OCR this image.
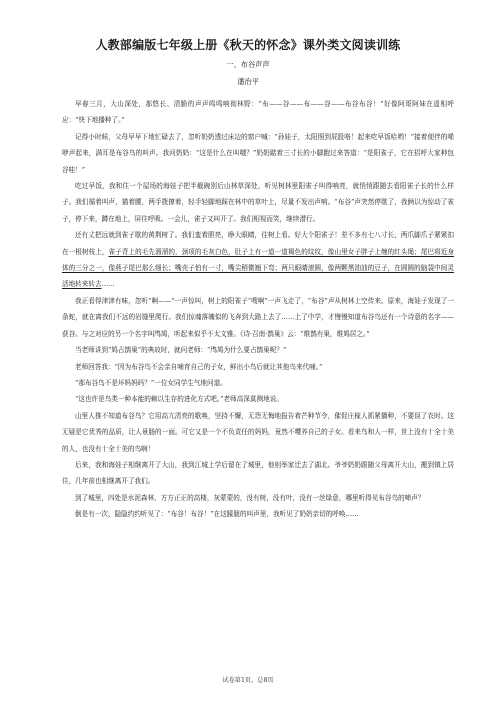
人教部编版七年级上册《秋天的怀念》课外类文阅读训练
一、布谷声声
潘治平

早春三月，大山深处，那悠长、清脆的声声鸣鸣响彻林野：“布——谷——布——谷——布谷布谷！”好像阿哥阿妹在遥相呼应：“快下地播种了。”

记得小时候，父母早早下地忙碌去了，忽听奶奶透过床边的窗户喊：“孙娃子，太阳照到屁股咯！起来吃早饭哈哟！”接着便伴的唏咿声起来，满耳是布谷鸟的叫声。我问奶奶：“这是什么在叫哦？”奶奶踮着三寸长的小脚跑过来答道：“是阳雀子，它在招呼大家种包谷哇！”

吃过早饭，我和住一个屋场的海娃子把半截碗别后山林草深处，听见树林里阳雀子叫得响亮，就悄悄跟随去看阳雀子长的什么样子。我们循着叫声，猫着腰，两手拨撩着，轻手轻脚地踩在林中的草叶上，尽量不发出声响。“布谷”声突然停歇了，我俩以为惊动了雀子，停下来，蹲在地上，屏住呼吸。一会儿，雀子又叫开了。我们相视而笑，继续潜行。

还有丈把远就到雀子歇的黄荆树了。我们蛮着胆亮，睁大眼睛，往树上看。好大个阳雀子！差不多有七八寸长，两爪脚爪子紧紧扣在一根树枝上，雀子背上的毛先溜溜的，颈项的毛灰白色，肚子上有一道一道褐色的纹纹，像山里女子胖子上缠的红头绳；尾巴将近身体的三分之一，像燕子尾巴那么细长；嘴壳子怕有一寸，嘴尖稍微翘下弯；两只眼睛滚圆，像两颗黑油油的豆子，在圆圆的脑袋中间灵活地转来转去……

我正看得津津有味，忽听“啊——”一声惊叫，树上的阳雀子“嗖啊”一声飞走了，“布谷”声从树林上空传来。原来，海娃子发现了一条蛇，就在离我们不远的岩缝里爬行。我们惊魂落魄似的飞奔到大路上去了……上了中学，才慢慢知道布谷鸟还有一个诗意的名字——获谷。与之对应的另一个名字叫鸤鸠，听起来似乎不太文雅。《诗·召南·鹊巢》云：“维鹊有巢，维鸠居之。”

当老师讲到“鸠占鹊巢”的典故时，就问老师：“鸤鸠为什么要占鹊巢呢？”

老师回答我：“因为布谷鸟不会亲自哺育自己的子女，鲜出小鸟后就让其他鸟来代哺。”

“那布谷鸟不是坏妈妈吗？”一位女同学生气地问道。

“这也许是鸟类一种本能的赖以生存的进化方式吧。”老师高深莫测地说。

山里人推不知道布谷鸟？它用高亢清亮的歌唤，坚持不懈，无怨无悔地报告着芒种节令，催促庄稼人抓紧播种，不要误了农时。这无疑是它优秀的品质，让人景肠的一面。可它又是一个不负责任的妈妈，竟然不嘤养自己的子女。看来鸟和人一样，世上没有十全十美的人，也没有十全十美的鸟啊！

后来，我和海娃子相继离开了大山，我到江城上学后留在了城里，他则举家迁去了湖北。爷爷奶奶跟随父母离开大山，搬到镇上居住，几年前也相继离开了我们。

到了城里，四处是水泥森林，方方正正的高楼，灰蒙蒙的，没有树，没有叶，没有一丝绿意，哪里听得见布谷鸟的啼声？

倒是有一次，隐隐约约听见了：“布谷！布谷！”在这朦胧的叫声里，我听见了奶奶亲切的呼唤……

试卷第1页，总8页
